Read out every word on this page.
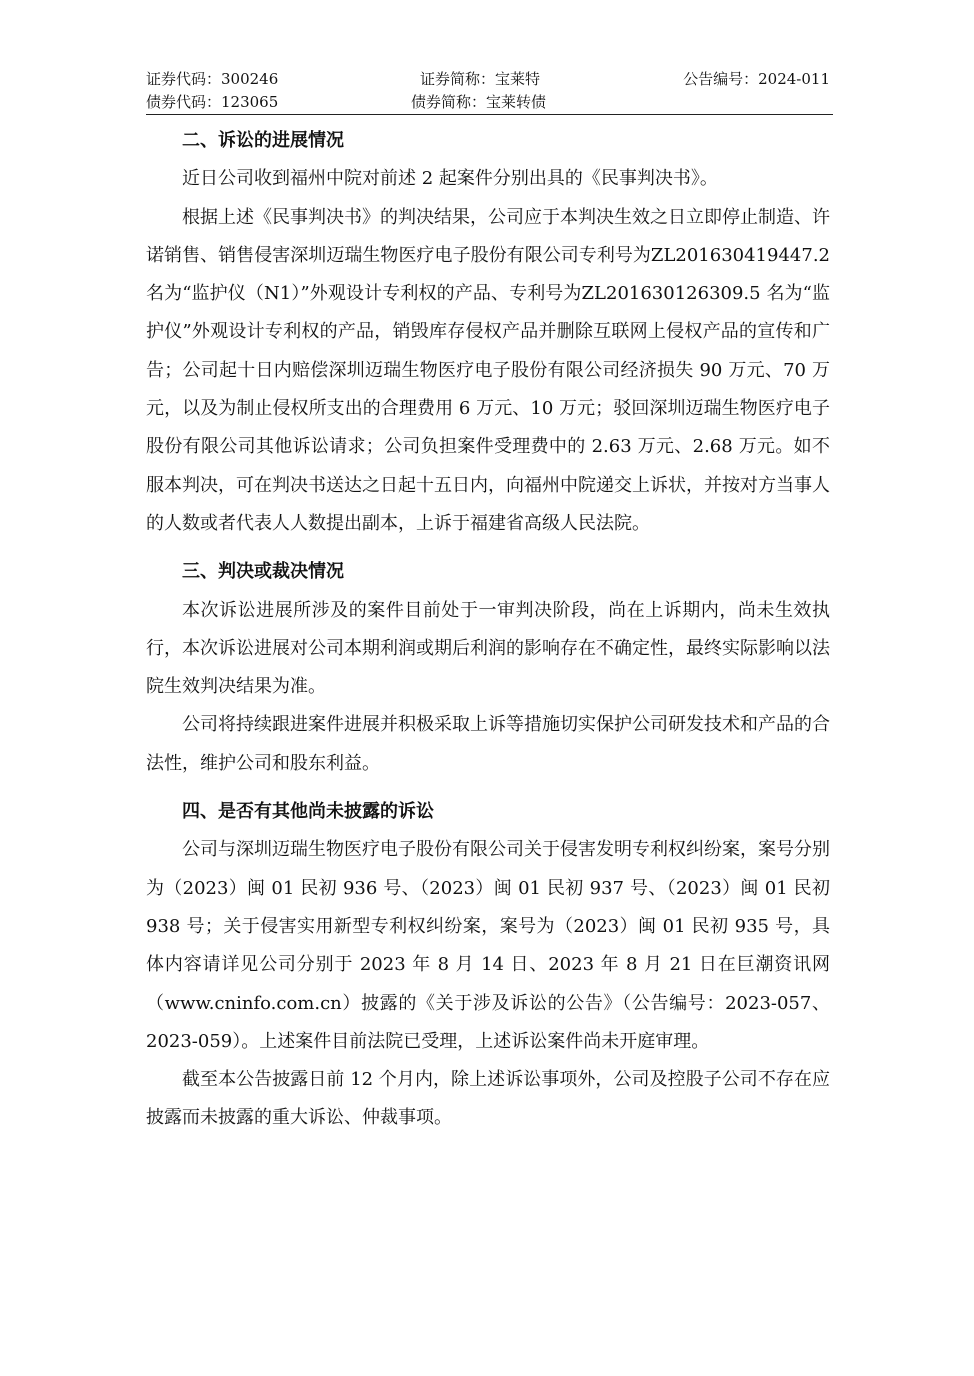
证券代码：300246	证券简称：宝莱特	公告编号：2024-011
债券代码：123065	债券简称：宝莱转债

二、诉讼的进展情况

近日公司收到福州中院对前述 2 起案件分别出具的《民事判决书》。

根据上述《民事判决书》的判决结果，公司应于本判决生效之日立即停止制造、许诺销售、销售侵害深圳迈瑞生物医疗电子股份有限公司专利号为ZL201630419447.2 名为“监护仪（N1）”外观设计专利权的产品、专利号为ZL201630126309.5 名为“监护仪”外观设计专利权的产品，销毁库存侵权产品并删除互联网上侵权产品的宣传和广告；公司起十日内赔偿深圳迈瑞生物医疗电子股份有限公司经济损失 90 万元、70 万元，以及为制止侵权所支出的合理费用 6 万元、10 万元；驳回深圳迈瑞生物医疗电子股份有限公司其他诉讼请求；公司负担案件受理费中的 2.63 万元、2.68 万元。如不服本判决，可在判决书送达之日起十五日内，向福州中院递交上诉状，并按对方当事人的人数或者代表人人数提出副本，上诉于福建省高级人民法院。

三、判决或裁决情况

本次诉讼进展所涉及的案件目前处于一审判决阶段，尚在上诉期内，尚未生效执行，本次诉讼进展对公司本期利润或期后利润的影响存在不确定性，最终实际影响以法院生效判决结果为准。

公司将持续跟进案件进展并积极采取上诉等措施切实保护公司研发技术和产品的合法性，维护公司和股东利益。

四、是否有其他尚未披露的诉讼

公司与深圳迈瑞生物医疗电子股份有限公司关于侵害发明专利权纠纷案，案号分别为（2023）闽 01 民初 936 号、（2023）闽 01 民初 937 号、（2023）闽 01 民初 938 号；关于侵害实用新型专利权纠纷案，案号为（2023）闽 01 民初 935 号，具体内容请详见公司分别于 2023 年 8 月 14 日、2023 年 8 月 21 日在巨潮资讯网（www.cninfo.com.cn）披露的《关于涉及诉讼的公告》（公告编号：2023-057、2023-059）。上述案件目前法院已受理，上述诉讼案件尚未开庭审理。

截至本公告披露日前 12 个月内，除上述诉讼事项外，公司及控股子公司不存在应披露而未披露的重大诉讼、仲裁事项。
